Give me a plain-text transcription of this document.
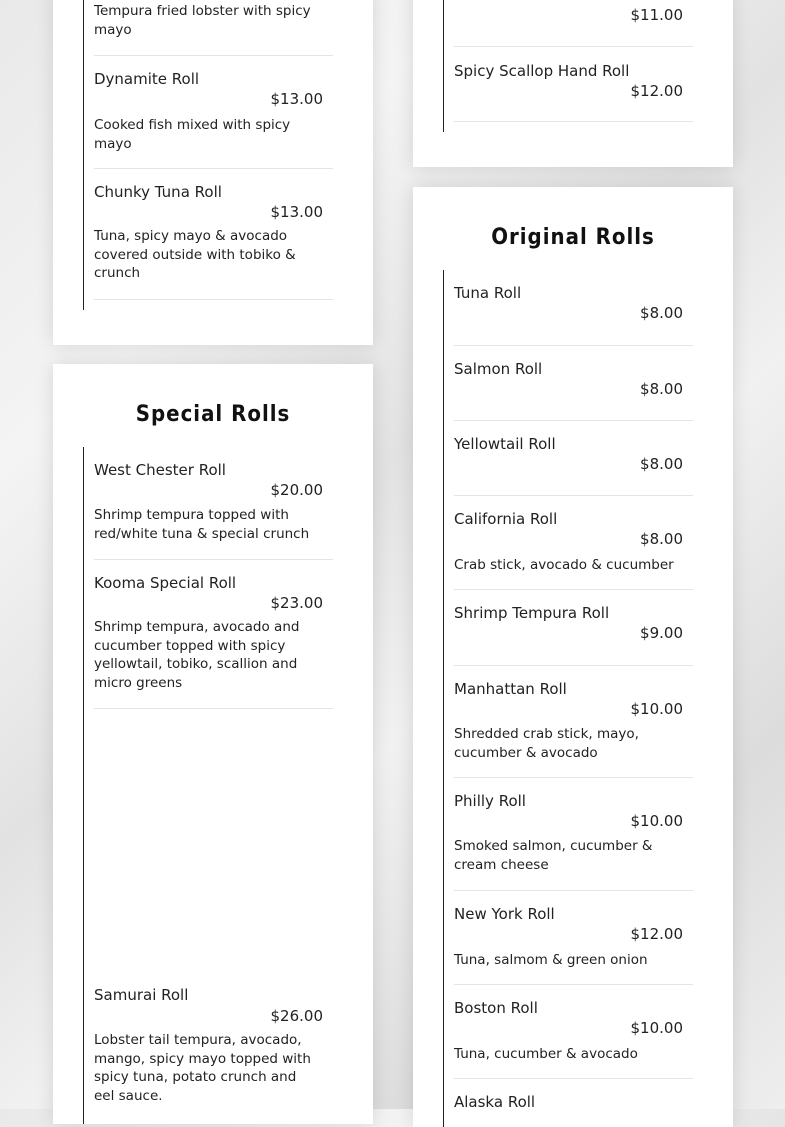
Tempura fried lobster with spicy mayo
Dynamite Roll
$13.00
Cooked fish mixed with spicy mayo
Chunky Tuna Roll
$13.00
Tuna, spicy mayo & avocado covered outside with tobiko & crunch
Special Rolls
West Chester Roll
$20.00
Shrimp tempura topped with red/white tuna & special crunch
Kooma Special Roll
$23.00
Shrimp tempura, avocado and cucumber topped with spicy yellowtail, tobiko, scallion and micro greens
Samurai Roll
$26.00
Lobster tail tempura, avocado, mango, spicy mayo topped with spicy tuna, potato crunch and eel sauce.
$11.00
Spicy Scallop Hand Roll
$12.00
Original Rolls
Tuna Roll
$8.00
Salmon Roll
$8.00
Yellowtail Roll
$8.00
California Roll
$8.00
Crab stick, avocado & cucumber
Shrimp Tempura Roll
$9.00
Manhattan Roll
$10.00
Shredded crab stick, mayo, cucumber & avocado
Philly Roll
$10.00
Smoked salmon, cucumber & cream cheese
New York Roll
$12.00
Tuna, salmom & green onion
Boston Roll
$10.00
Tuna, cucumber & avocado
Alaska Roll
